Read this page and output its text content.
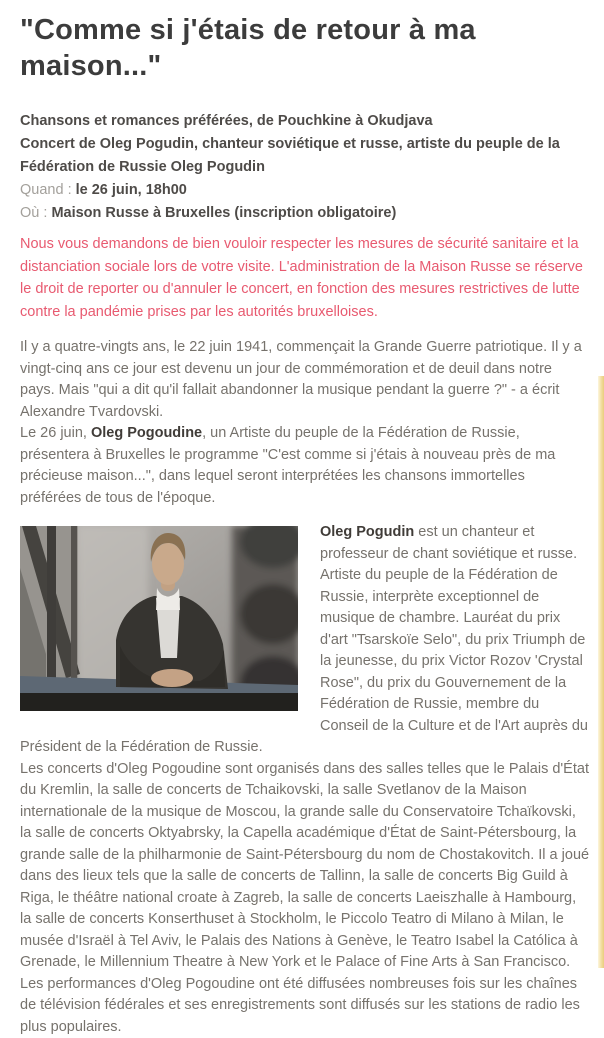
"Comme si j'étais de retour à ma maison..."

Chansons et romances préférées, de Pouchkine à Okudjava

Concert de Oleg Pogudin, chanteur soviétique et russe, artiste du peuple de la Fédération de Russie Oleg Pogudin

Quand : le 26 juin, 18h00

Où : Maison Russe à Bruxelles (inscription obligatoire)

Nous vous demandons de bien vouloir respecter les mesures de sécurité sanitaire et la distanciation sociale lors de votre visite. L'administration de la Maison Russe se réserve le droit de reporter ou d'annuler le concert, en fonction des mesures restrictives de lutte contre la pandémie prises par les autorités bruxelloises.

Il y a quatre-vingts ans, le 22 juin 1941, commençait la Grande Guerre patriotique. Il y a vingt-cinq ans ce jour est devenu un jour de commémoration et de deuil dans notre pays. Mais "qui a dit qu'il fallait abandonner la musique pendant la guerre ?" - a écrit Alexandre Tvardovski.

Le 26 juin, Oleg Pogoudine, un Artiste du peuple de la Fédération de Russie, présentera à Bruxelles le programme "C'est comme si j'étais à nouveau près de ma précieuse maison...", dans lequel seront interprétées les chansons immortelles préférées de tous de l'époque.

Oleg Pogudin est un chanteur et professeur de chant soviétique et russe. Artiste du peuple de la Fédération de Russie, interprète exceptionnel de musique de chambre. Lauréat du prix d'art "Tsarskoïe Selo", du prix Triumph de la jeunesse, du prix Victor Rozov 'Crystal Rose", du prix du Gouvernement de la Fédération de Russie, membre du Conseil de la Culture et de l'Art auprès du Président de la Fédération de Russie.
Les concerts d'Oleg Pogoudine sont organisés dans des salles telles que le Palais d'État du Kremlin, la salle de concerts de Tchaikovski, la salle Svetlanov de la Maison internationale de la musique de Moscou, la grande salle du Conservatoire Tchaïkovski, la salle de concerts Oktyabrsky, la Capella académique d'État de Saint-Pétersbourg, la grande salle de la philharmonie de Saint-Pétersbourg du nom de Chostakovitch. Il a joué dans des lieux tels que la salle de concerts de Tallinn, la salle de concerts Big Guild à Riga, le théâtre national croate à Zagreb, la salle de concerts Laeiszhalle à Hambourg, la salle de concerts Konserthuset à Stockholm, le Piccolo Teatro di Milano à Milan, le musée d'Israël à Tel Aviv, le Palais des Nations à Genève, le Teatro Isabel la Católica à Grenade, le Millennium Theatre à New York et le Palace of Fine Arts à San Francisco.
Les performances d'Oleg Pogoudine ont été diffusées nombreuses fois sur les chaînes de télévision fédérales et ses enregistrements sont diffusés sur les stations de radio les plus populaires.
